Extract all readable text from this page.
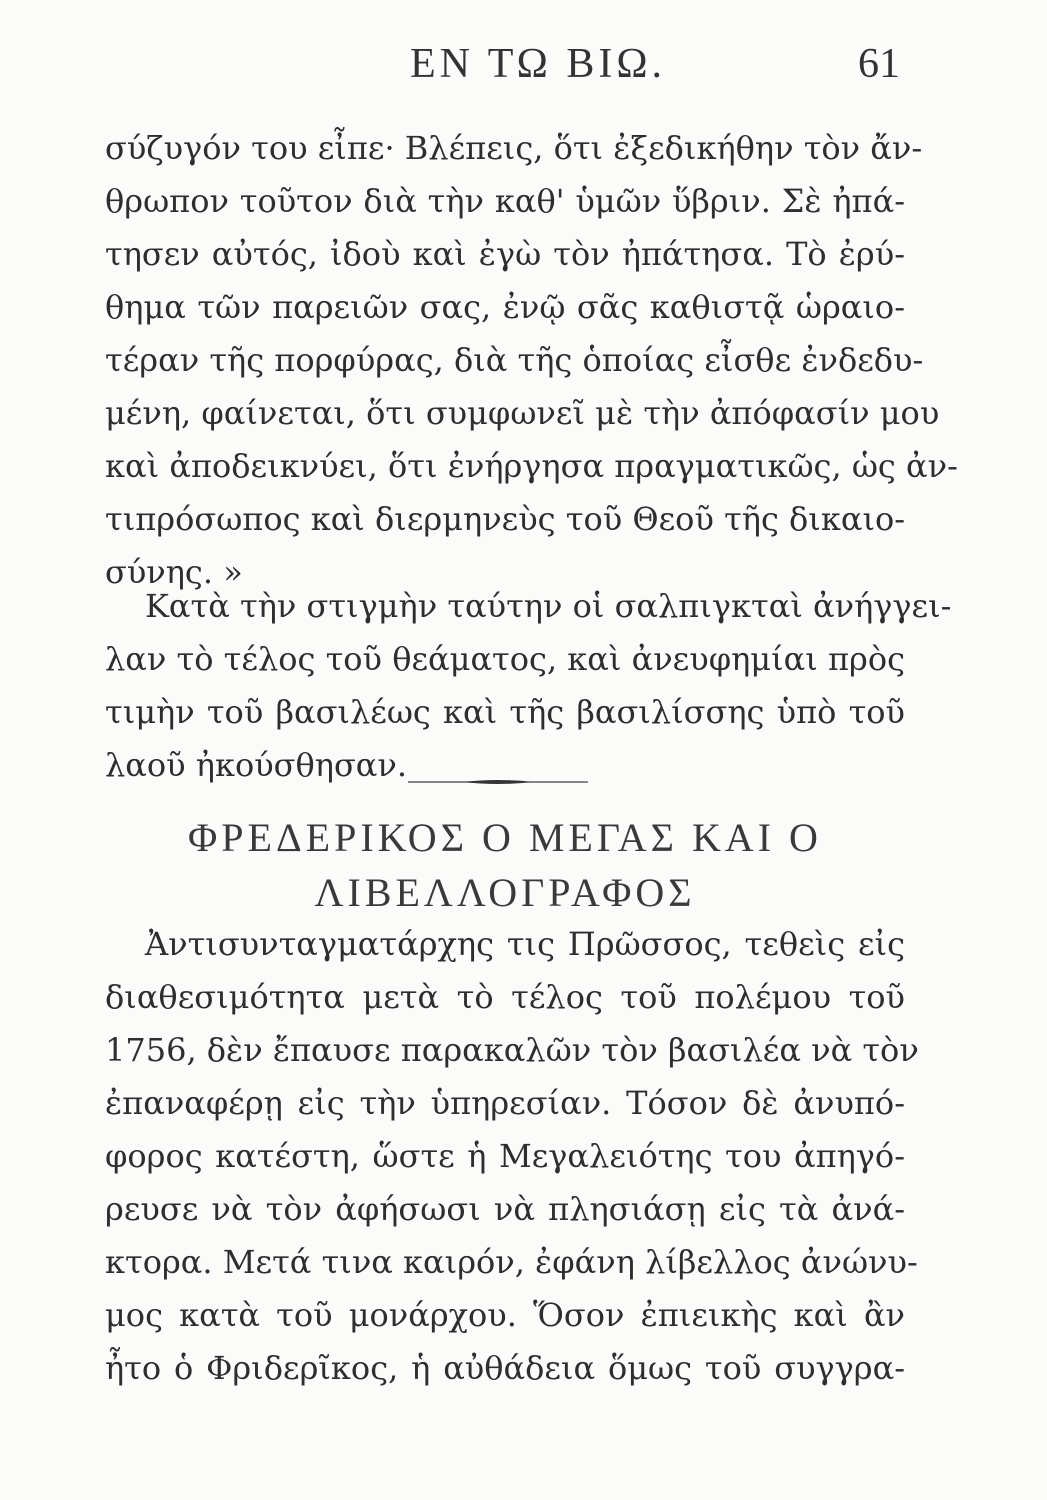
ΕΝ ΤΩ ΒΙΩ.	61
σύζυγόν του εἶπε· Βλέπεις, ὅτι ἐξεδικήθην τὸν ἄν-
θρωπον τοῦτον διὰ τὴν καθ' ὑμῶν ὕβριν. Σὲ ἠπά-
τησεν αὐτός, ἰδοὺ καὶ ἐγὼ τὸν ἠπάτησα. Τὸ ἐρύ-
θημα τῶν παρειῶν σας, ἐνῷ σᾶς καθιστᾷ ὡραιο-
τέραν τῆς πορφύρας, διὰ τῆς ὁποίας εἶσθε ἐνδεδυ-
μένη, φαίνεται, ὅτι συμφωνεῖ μὲ τὴν ἀπόφασίν μου
καὶ ἀποδεικνύει, ὅτι ἐνήργησα πραγματικῶς, ὡς ἀν-
τιπρόσωπος καὶ διερμηνεὺς τοῦ Θεοῦ τῆς δικαιο-
σύνης. »
Κατὰ τὴν στιγμὴν ταύτην οἱ σαλπιγκταὶ ἀνήγγει-
λαν τὸ τέλος τοῦ θεάματος, καὶ ἀνευφημίαι πρὸς
τιμὴν τοῦ βασιλέως καὶ τῆς βασιλίσσης ὑπὸ τοῦ
λαοῦ ἠκούσθησαν.
ΦΡΕΔΕΡΙΚΟΣ Ο ΜΕΓΑΣ ΚΑΙ Ο
ΛΙΒΕΛΛΟΓΡΑΦΟΣ
Ἀντισυνταγματάρχης τις Πρῶσσος, τεθεὶς εἰς
διαθεσιμότητα μετὰ τὸ τέλος τοῦ πολέμου τοῦ
1756, δὲν ἔπαυσε παρακαλῶν τὸν βασιλέα νὰ τὸν
ἐπαναφέρῃ εἰς τὴν ὑπηρεσίαν. Τόσον δὲ ἀνυπό-
φορος κατέστη, ὥστε ἡ Μεγαλειότης του ἀπηγό-
ρευσε νὰ τὸν ἀφήσωσι νὰ πλησιάσῃ εἰς τὰ ἀνά-
κτορα. Μετά τινα καιρόν, ἐφάνη λίβελλος ἀνώνυ-
μος κατὰ τοῦ μονάρχου. Ὅσον ἐπιεικὴς καὶ ἂν
ἦτο ὁ Φριδερῖκος, ἡ αὐθάδεια ὅμως τοῦ συγγρα-
